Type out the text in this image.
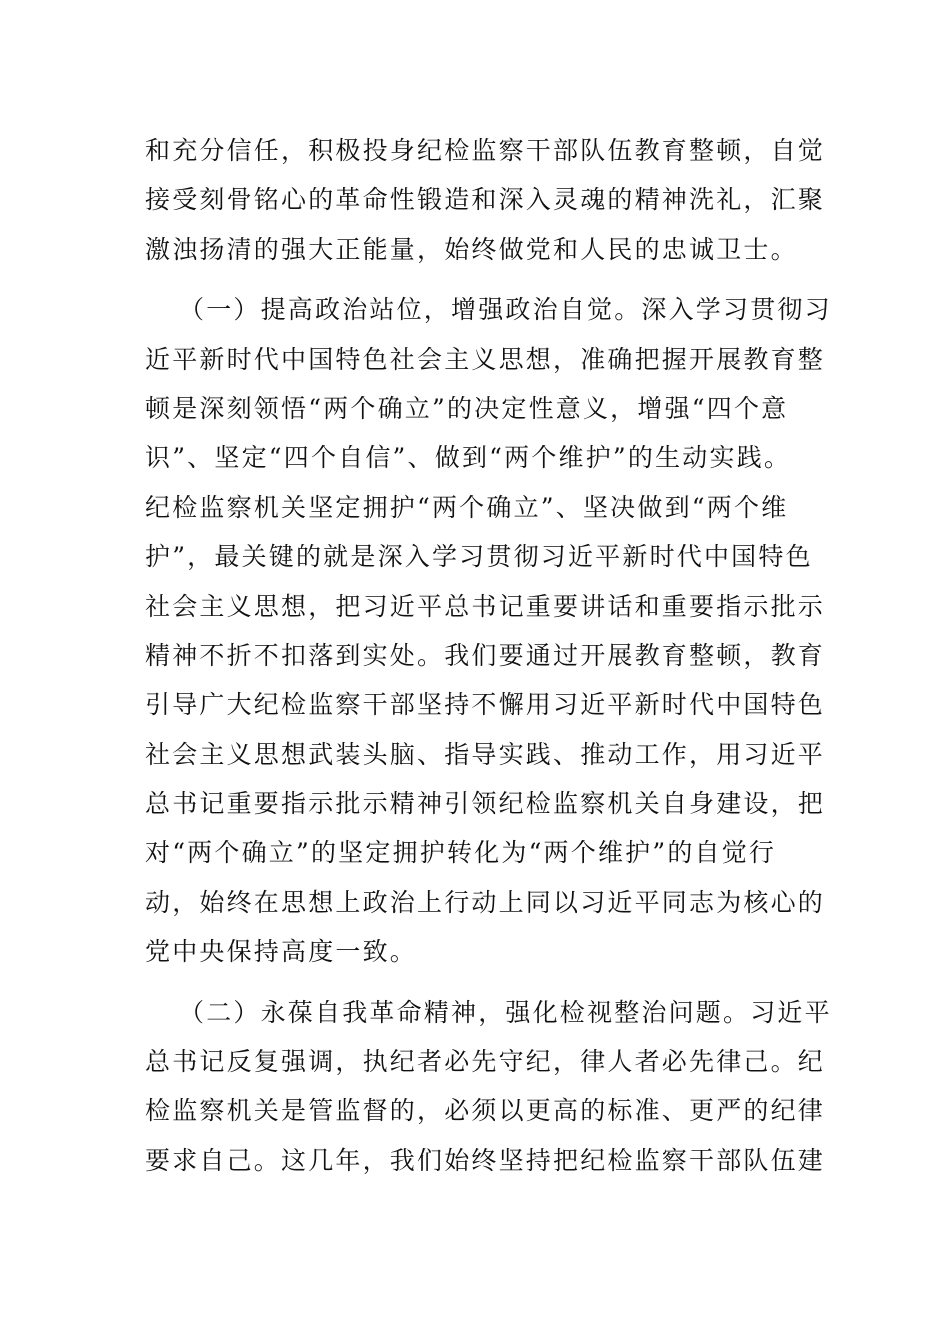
和充分信任，积极投身纪检监察干部队伍教育整顿，自觉
接受刻骨铭心的革命性锻造和深入灵魂的精神洗礼，汇聚
激浊扬清的强大正能量，始终做党和人民的忠诚卫士。
（一）提高政治站位，增强政治自觉。深入学习贯彻习
近平新时代中国特色社会主义思想，准确把握开展教育整
顿是深刻领悟“两个确立”的决定性意义，增强“四个意
识”、坚定“四个自信”、做到“两个维护”的生动实践。
纪检监察机关坚定拥护“两个确立”、坚决做到“两个维
护”，最关键的就是深入学习贯彻习近平新时代中国特色
社会主义思想，把习近平总书记重要讲话和重要指示批示
精神不折不扣落到实处。我们要通过开展教育整顿，教育
引导广大纪检监察干部坚持不懈用习近平新时代中国特色
社会主义思想武装头脑、指导实践、推动工作，用习近平
总书记重要指示批示精神引领纪检监察机关自身建设，把
对“两个确立”的坚定拥护转化为“两个维护”的自觉行
动，始终在思想上政治上行动上同以习近平同志为核心的
党中央保持高度一致。
（二）永葆自我革命精神，强化检视整治问题。习近平
总书记反复强调，执纪者必先守纪，律人者必先律己。纪
检监察机关是管监督的，必须以更高的标准、更严的纪律
要求自己。这几年，我们始终坚持把纪检监察干部队伍建
